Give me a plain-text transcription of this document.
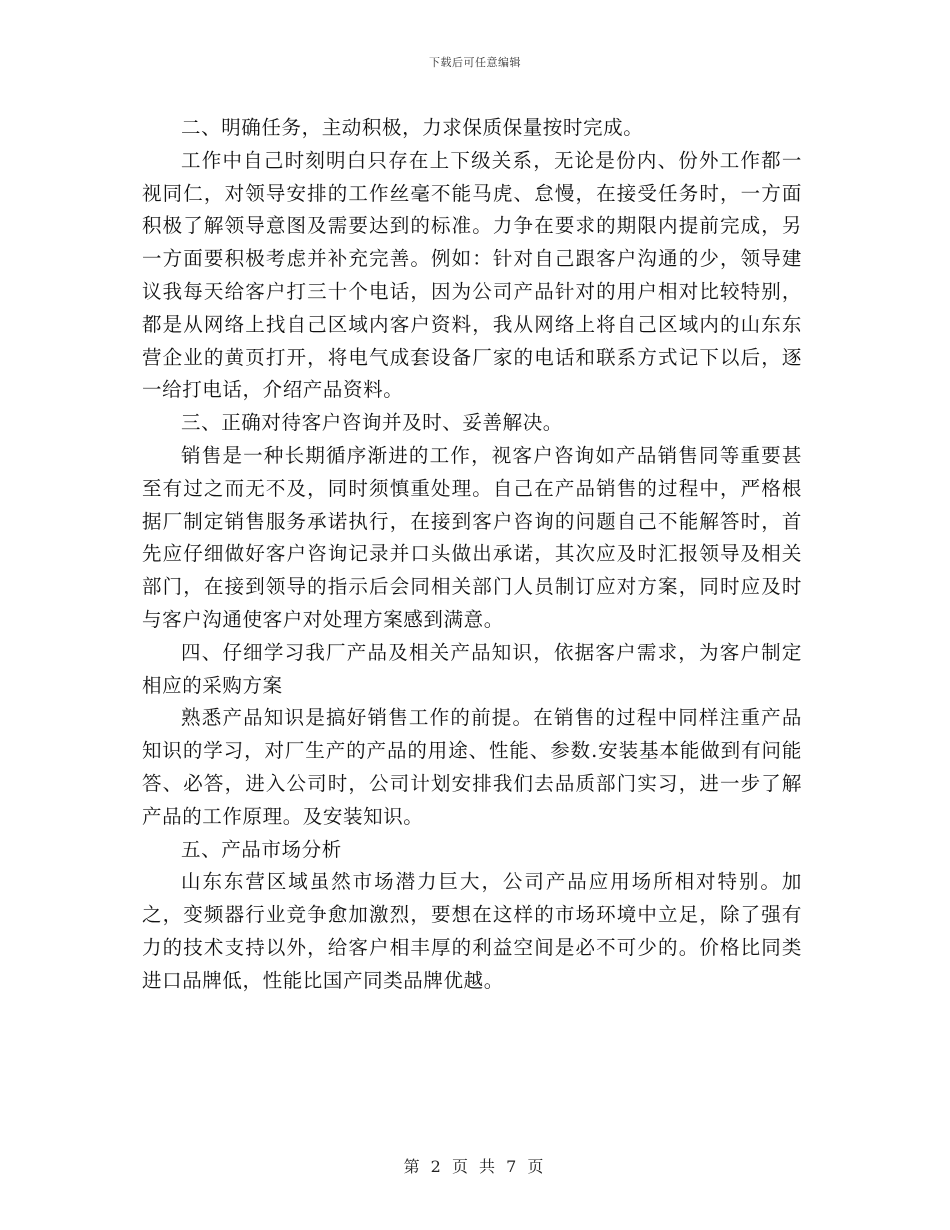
下载后可任意编辑

二、明确任务，主动积极，力求保质保量按时完成。

工作中自己时刻明白只存在上下级关系，无论是份内、份外工作都一视同仁，对领导安排的工作丝毫不能马虎、怠慢，在接受任务时，一方面积极了解领导意图及需要达到的标准。力争在要求的期限内提前完成，另一方面要积极考虑并补充完善。例如：针对自己跟客户沟通的少，领导建议我每天给客户打三十个电话，因为公司产品针对的用户相对比较特别，都是从网络上找自己区域内客户资料，我从网络上将自己区域内的山东东营企业的黄页打开，将电气成套设备厂家的电话和联系方式记下以后，逐一给打电话，介绍产品资料。

三、正确对待客户咨询并及时、妥善解决。

销售是一种长期循序渐进的工作，视客户咨询如产品销售同等重要甚至有过之而无不及，同时须慎重处理。自己在产品销售的过程中，严格根据厂制定销售服务承诺执行，在接到客户咨询的问题自己不能解答时，首先应仔细做好客户咨询记录并口头做出承诺，其次应及时汇报领导及相关部门，在接到领导的指示后会同相关部门人员制订应对方案，同时应及时与客户沟通使客户对处理方案感到满意。

四、仔细学习我厂产品及相关产品知识，依据客户需求，为客户制定相应的采购方案

熟悉产品知识是搞好销售工作的前提。在销售的过程中同样注重产品知识的学习，对厂生产的产品的用途、性能、参数.安装基本能做到有问能答、必答，进入公司时，公司计划安排我们去品质部门实习，进一步了解产品的工作原理。及安装知识。

五、产品市场分析

山东东营区域虽然市场潜力巨大，公司产品应用场所相对特别。加之，变频器行业竞争愈加激烈，要想在这样的市场环境中立足，除了强有力的技术支持以外，给客户相丰厚的利益空间是必不可少的。价格比同类进口品牌低，性能比国产同类品牌优越。

第 2 页 共 7 页
